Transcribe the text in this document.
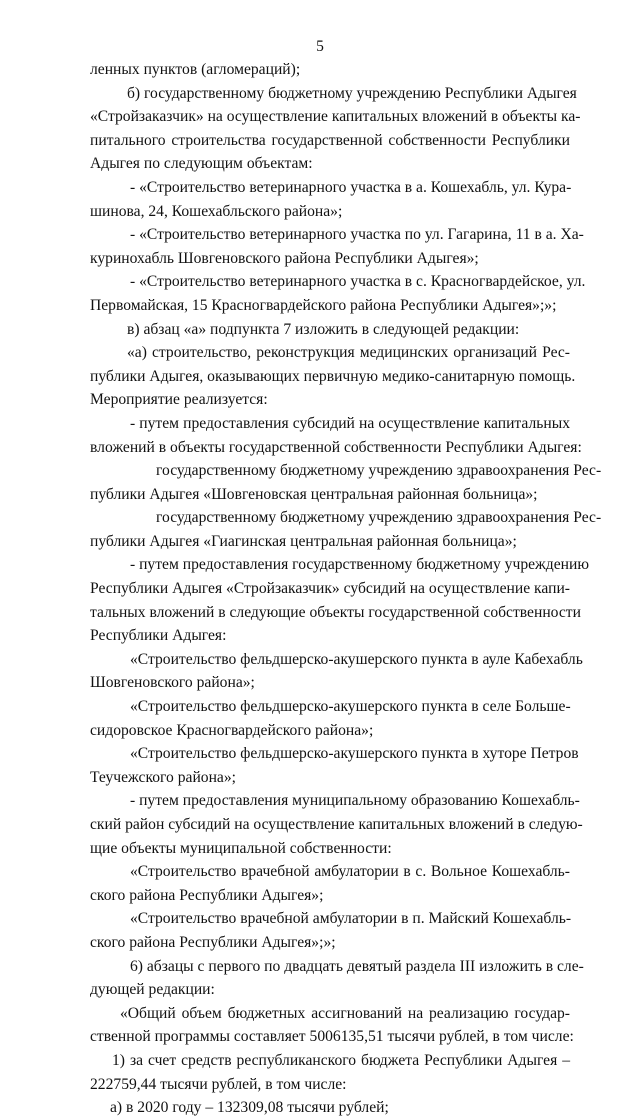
5
ленных пунктов (агломераций);
б) государственному бюджетному учреждению Республики Адыгея
«Стройзаказчик» на осуществление капитальных вложений в объекты ка-
питального строительства государственной собственности Республики
Адыгея по следующим объектам:
- «Строительство ветеринарного участка в а. Кошехабль, ул. Кура-
шинова, 24, Кошехабльского района»;
- «Строительство ветеринарного участка по ул. Гагарина, 11 в а. Ха-
куринохабль Шовгеновского района Республики Адыгея»;
- «Строительство ветеринарного участка в с. Красногвардейское, ул.
Первомайская, 15 Красногвардейского района Республики Адыгея»;»;
в) абзац «а» подпункта 7 изложить в следующей редакции:
«а) строительство, реконструкция медицинских организаций Рес-
публики Адыгея, оказывающих первичную медико-санитарную помощь.
Мероприятие реализуется:
- путем предоставления субсидий на осуществление капитальных
вложений в объекты государственной собственности Республики Адыгея:
государственному бюджетному учреждению здравоохранения Рес-
публики Адыгея «Шовгеновская центральная районная больница»;
государственному бюджетному учреждению здравоохранения Рес-
публики Адыгея «Гиагинская центральная районная больница»;
- путем предоставления государственному бюджетному учреждению
Республики Адыгея «Стройзаказчик» субсидий на осуществление капи-
тальных вложений в следующие объекты государственной собственности
Республики Адыгея:
«Строительство фельдшерско-акушерского пункта в ауле Кабехабль
Шовгеновского района»;
«Строительство фельдшерско-акушерского пункта в селе Больше-
сидоровское Красногвардейского района»;
«Строительство фельдшерско-акушерского пункта в хуторе Петров
Теучежского района»;
- путем предоставления муниципальному образованию Кошехабль-
ский район субсидий на осуществление капитальных вложений в следую-
щие объекты муниципальной собственности:
«Строительство врачебной амбулатории в с. Вольное Кошехабль-
ского района Республики Адыгея»;
«Строительство врачебной амбулатории в п. Майский Кошехабль-
ского района Республики Адыгея»;»;
6) абзацы с первого по двадцать девятый раздела III изложить в сле-
дующей редакции:
«Общий объем бюджетных ассигнований на реализацию государ-
ственной программы составляет 5006135,51 тысячи рублей, в том числе:
1) за счет средств республиканского бюджета Республики Адыгея –
222759,44 тысячи рублей, в том числе:
а) в 2020 году – 132309,08 тысячи рублей;
